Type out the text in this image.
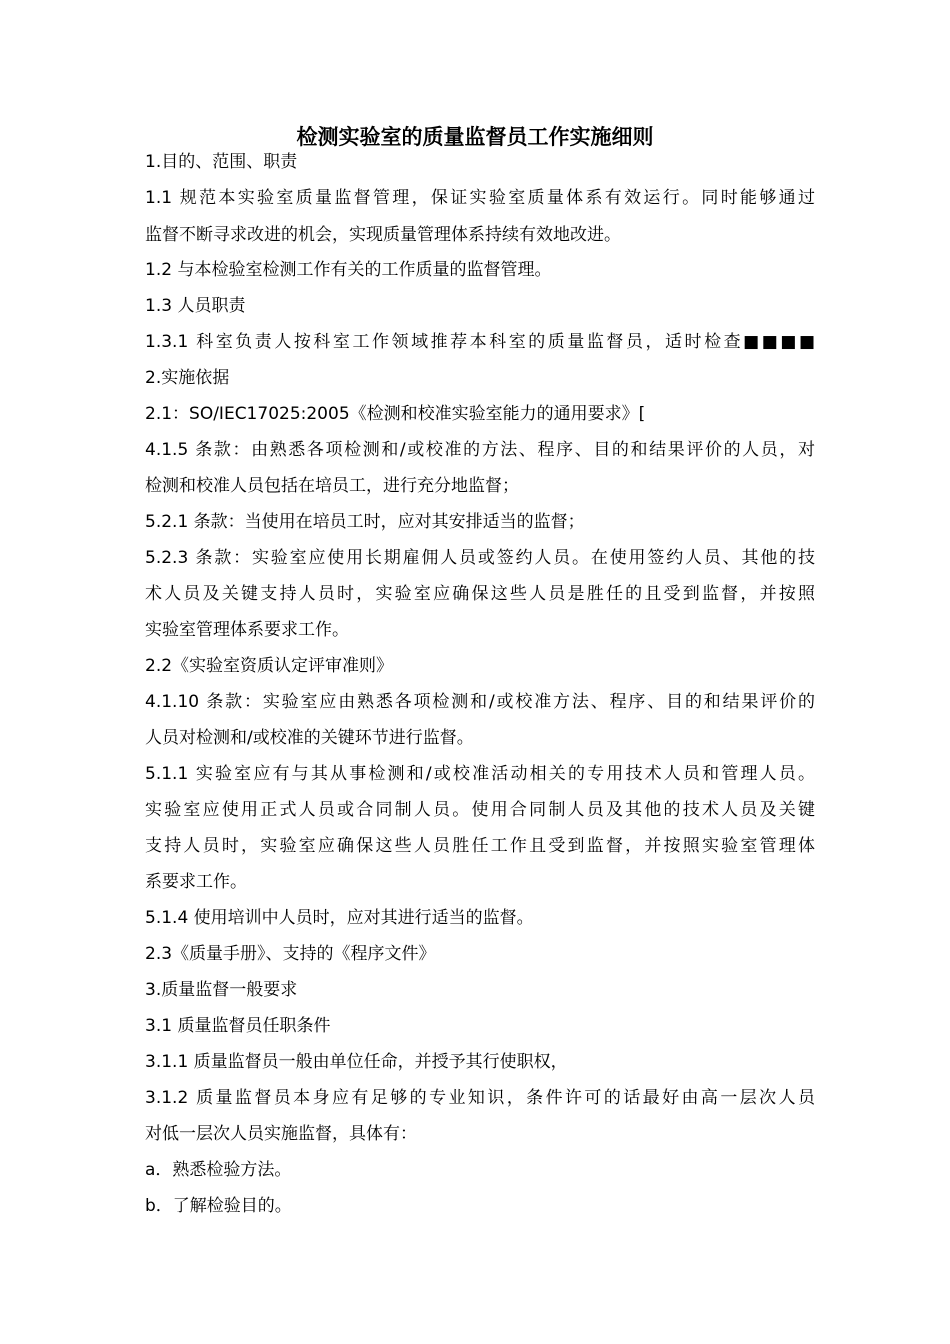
检测实验室的质量监督员工作实施细则
1.目的、范围、职责
1.1 规范本实验室质量监督管理，保证实验室质量体系有效运行。同时能够通过
监督不断寻求改进的机会，实现质量管理体系持续有效地改进。
1.2 与本检验室检测工作有关的工作质量的监督管理。
1.3 人员职责
1.3.1 科室负责人按科室工作领域推荐本科室的质量监督员，适时检查■■■■
2.实施依据
2.1：SO/IEC17025:2005《检测和校准实验室能力的通用要求》[
4.1.5 条款：由熟悉各项检测和/或校准的方法、程序、目的和结果评价的人员，对
检测和校准人员包括在培员工，进行充分地监督；
5.2.1 条款：当使用在培员工时，应对其安排适当的监督；
5.2.3 条款：实验室应使用长期雇佣人员或签约人员。在使用签约人员、其他的技
术人员及关键支持人员时，实验室应确保这些人员是胜任的且受到监督，并按照
实验室管理体系要求工作。
2.2《实验室资质认定评审准则》
4.1.10 条款：实验室应由熟悉各项检测和/或校准方法、程序、目的和结果评价的
人员对检测和/或校准的关键环节进行监督。
5.1.1 实验室应有与其从事检测和/或校准活动相关的专用技术人员和管理人员。
实验室应使用正式人员或合同制人员。使用合同制人员及其他的技术人员及关键
支持人员时，实验室应确保这些人员胜任工作且受到监督，并按照实验室管理体
系要求工作。
5.1.4 使用培训中人员时，应对其进行适当的监督。
2.3《质量手册》、支持的《程序文件》
3.质量监督一般要求
3.1 质量监督员任职条件
3.1.1 质量监督员一般由单位任命，并授予其行使职权，
3.1.2 质量监督员本身应有足够的专业知识，条件许可的话最好由高一层次人员
对低一层次人员实施监督，具体有：
a．熟悉检验方法。
b．了解检验目的。
